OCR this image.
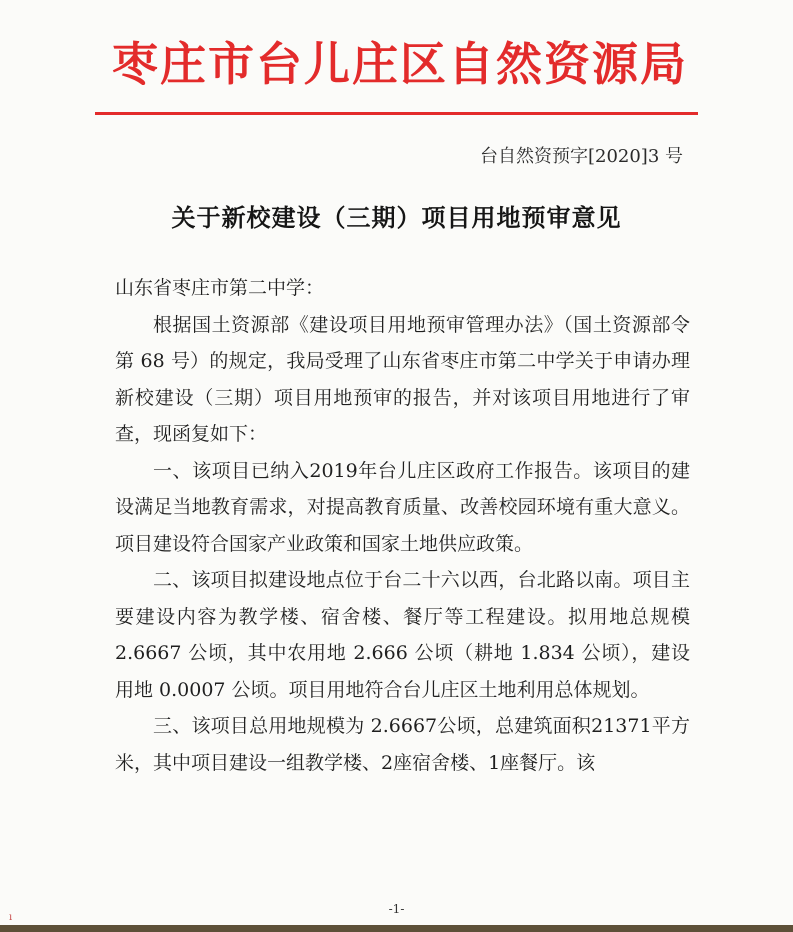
枣庄市台儿庄区自然资源局
台自然资预字[2020]3 号
关于新校建设（三期）项目用地预审意见

山东省枣庄市第二中学：

根据国土资源部《建设项目用地预审管理办法》（国土资源部令第 68 号）的规定，我局受理了山东省枣庄市第二中学关于申请办理新校建设（三期）项目用地预审的报告，并对该项目用地进行了审查，现函复如下：

一、该项目已纳入2019年台儿庄区政府工作报告。该项目的建设满足当地教育需求，对提高教育质量、改善校园环境有重大意义。项目建设符合国家产业政策和国家土地供应政策。

二、该项目拟建设地点位于台二十六以西，台北路以南。项目主要建设内容为教学楼、宿舍楼、餐厅等工程建设。拟用地总规模 2.6667 公顷，其中农用地 2.666 公顷（耕地 1.834 公顷），建设用地 0.0007 公顷。项目用地符合台儿庄区土地利用总体规划。

三、该项目总用地规模为 2.6667公顷，总建筑面积21371平方米，其中项目建设一组教学楼、2座宿舍楼、1座餐厅。该

-1-
ı
